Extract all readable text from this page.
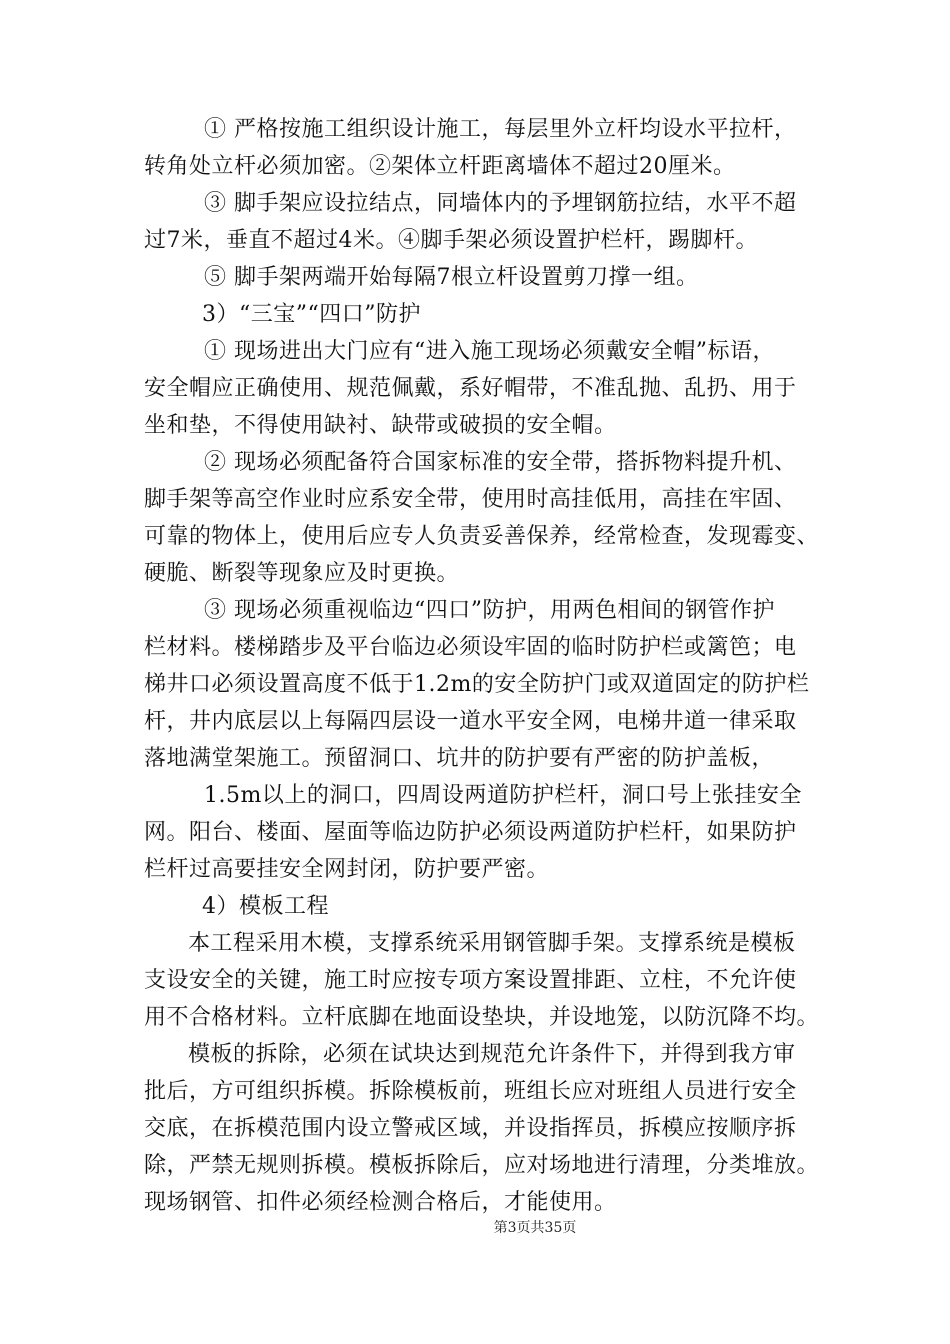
① 严格按施工组织设计施工，每层里外立杆均设水平拉杆，
转角处立杆必须加密。②架体立杆距离墙体不超过20厘米。
③ 脚手架应设拉结点，同墙体内的予埋钢筋拉结，水平不超
过7米，垂直不超过4米。④脚手架必须设置护栏杆，踢脚杆。
⑤ 脚手架两端开始每隔7根立杆设置剪刀撑一组。
3）“三宝”“四口”防护
① 现场进出大门应有“进入施工现场必须戴安全帽”标语，
安全帽应正确使用、规范佩戴，系好帽带，不准乱抛、乱扔、用于
坐和垫，不得使用缺衬、缺带或破损的安全帽。
② 现场必须配备符合国家标准的安全带，搭拆物料提升机、
脚手架等高空作业时应系安全带，使用时高挂低用，高挂在牢固、
可靠的物体上，使用后应专人负责妥善保养，经常检查，发现霉变、
硬脆、断裂等现象应及时更换。
③ 现场必须重视临边“四口”防护，用两色相间的钢管作护
栏材料。楼梯踏步及平台临边必须设牢固的临时防护栏或篱笆；电
梯井口必须设置高度不低于1.2m的安全防护门或双道固定的防护栏
杆，井内底层以上每隔四层设一道水平安全网，电梯井道一律采取
落地满堂架施工。预留洞口、坑井的防护要有严密的防护盖板，
1.5m以上的洞口，四周设两道防护栏杆，洞口号上张挂安全
网。阳台、楼面、屋面等临边防护必须设两道防护栏杆，如果防护
栏杆过高要挂安全网封闭，防护要严密。
4）模板工程
本工程采用木模，支撑系统采用钢管脚手架。支撑系统是模板
支设安全的关键，施工时应按专项方案设置排距、立柱，不允许使
用不合格材料。立杆底脚在地面设垫块，并设地笼，以防沉降不均。
模板的拆除，必须在试块达到规范允许条件下，并得到我方审
批后，方可组织拆模。拆除模板前，班组长应对班组人员进行安全
交底，在拆模范围内设立警戒区域，并设指挥员，拆模应按顺序拆
除，严禁无规则拆模。模板拆除后，应对场地进行清理，分类堆放。
现场钢管、扣件必须经检测合格后，才能使用。
第3页共35页
